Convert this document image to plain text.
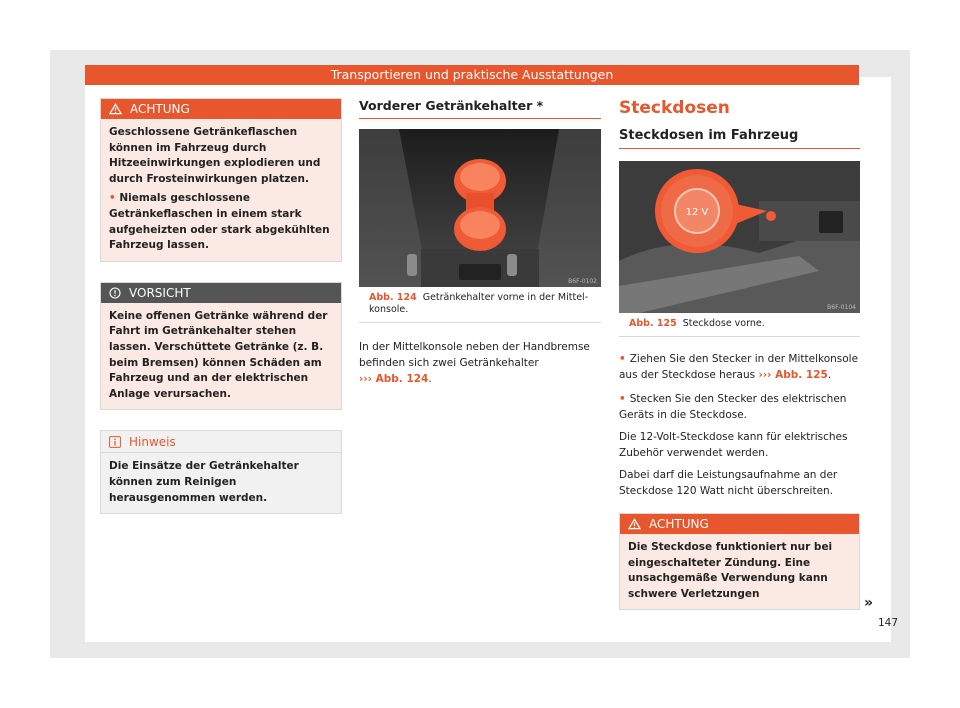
Transportieren und praktische Ausstattungen
ACHTUNG

Geschlossene Getränkeflaschen können im Fahrzeug durch Hitzeeinwirkungen explodieren und durch Frosteinwirkungen platzen.

• Niemals geschlossene Getränkeflaschen in einem stark aufgeheizten oder stark abgekühlten Fahrzeug lassen.

VORSICHT

Keine offenen Getränke während der Fahrt im Getränkehalter stehen lassen. Verschüttete Getränke (z. B. beim Bremsen) können Schäden am Fahrzeug und an der elektrischen Anlage verursachen.

Hinweis

Die Einsätze der Getränkehalter können zum Reinigen herausgenommen werden.

Vorderer Getränkehalter *
B6F-0102
Abb. 124 Getränkehalter vorne in der Mittelkonsole.

In der Mittelkonsole neben der Handbremse befinden sich zwei Getränkehalter
››› Abb. 124.

Steckdosen
Steckdosen im Fahrzeug
12 V
B6F-0104
Abb. 125 Steckdose vorne.

• Ziehen Sie den Stecker in der Mittelkonsole aus der Steckdose heraus ››› Abb. 125.

• Stecken Sie den Stecker des elektrischen Geräts in die Steckdose.

Die 12-Volt-Steckdose kann für elektrisches Zubehör verwendet werden.

Dabei darf die Leistungsaufnahme an der Steckdose 120 Watt nicht überschreiten.

ACHTUNG

Die Steckdose funktioniert nur bei eingeschalteter Zündung. Eine unsachgemäße Verwendung kann schwere Verletzungen

»
147
